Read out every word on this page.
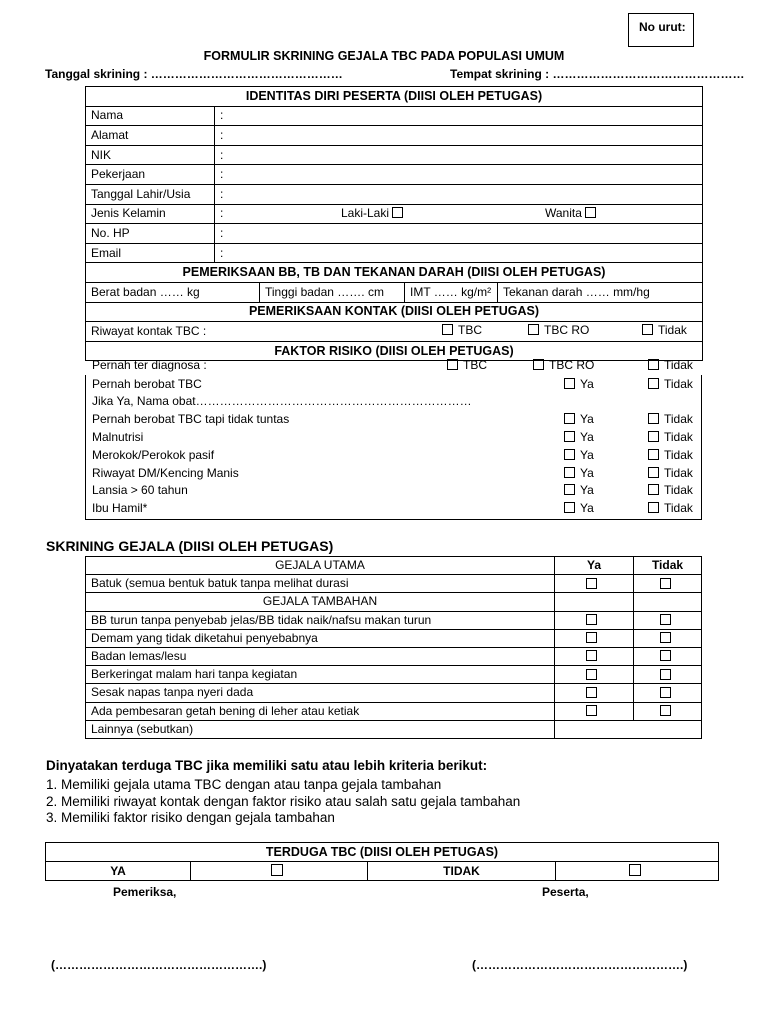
No urut:
FORMULIR SKRINING GEJALA TBC PADA POPULASI UMUM
Tanggal skrining : …………………………………………	Tempat skrining : …………………………………………
IDENTITAS DIRI PESERTA (DIISI OLEH PETUGAS)				
Nama	:			
Alamat	:			
NIK	:			
Pekerjaan	:			
Tanggal Lahir/Usia	:			
Jenis Kelamin	: Laki-Laki Wanita			

No. HP	:			
Email	:			
PEMERIKSAAN BB, TB DAN TEKANAN DARAH (DIISI OLEH PETUGAS)				
Berat badan …… kg		Tinggi badan ……. cm	IMT …… kg/m²	Tekanan darah …… mm/hg
PEMERIKSAAN KONTAK (DIISI OLEH PETUGAS)				
Riwayat kontak TBC : TBC TBC RO Tidak				

FAKTOR RISIKO (DIISI OLEH PETUGAS)				
Pernah ter diagnosa :	TBC	TBC RO	Tidak
Pernah berobat TBC	Ya	Tidak
Jika Ya, Nama obat……………………………………………………………
Pernah berobat TBC tapi tidak tuntas	Ya	Tidak
Malnutrisi	Ya	Tidak
Merokok/Perokok pasif	Ya	Tidak
Riwayat DM/Kencing Manis	Ya	Tidak
Lansia > 60 tahun	Ya	Tidak
Ibu Hamil*	Ya	Tidak
SKRINING GEJALA (DIISI OLEH PETUGAS)
GEJALA UTAMA	Ya	Tidak
Batuk (semua bentuk batuk tanpa melihat durasi		
GEJALA TAMBAHAN		
BB turun tanpa penyebab jelas/BB tidak naik/nafsu makan turun		
Demam yang tidak diketahui penyebabnya		
Badan lemas/lesu		
Berkeringat malam hari tanpa kegiatan		
Sesak napas tanpa nyeri dada		
Ada pembesaran getah bening di leher atau ketiak		
Lainnya (sebutkan)		
Dinyatakan terduga TBC jika memiliki satu atau lebih kriteria berikut:
1. Memiliki gejala utama TBC dengan atau tanpa gejala tambahan
2. Memiliki riwayat kontak dengan faktor risiko atau salah satu gejala tambahan
3. Memiliki faktor risiko dengan gejala tambahan
TERDUGA TBC (DIISI OLEH PETUGAS)
YA		TIDAK	
Pemeriksa,	Peserta,
(…………………………………………….)	(…………………………………………….)
